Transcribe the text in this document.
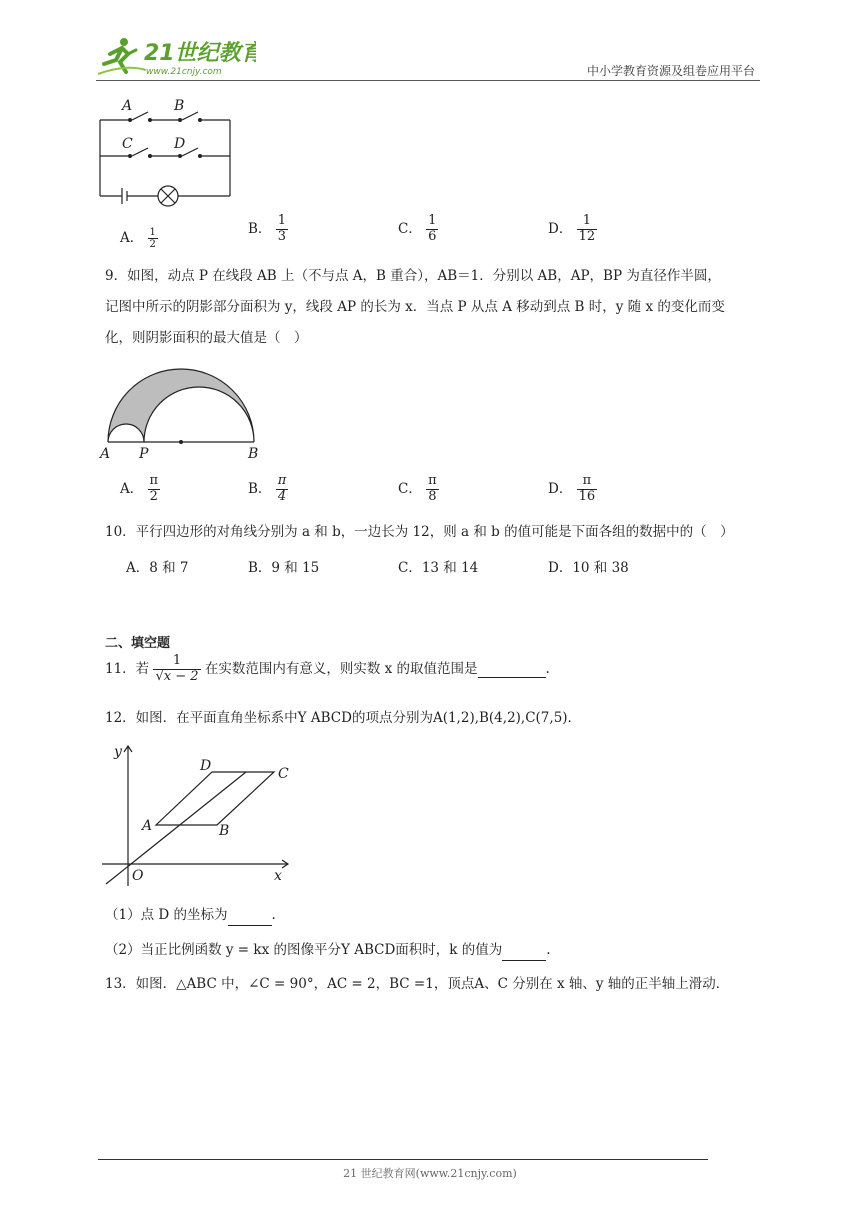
21世纪教育
www.21cnjy.com	中小学教育资源及组卷应用平台
A	B
C	D
A． $\frac{1}{2}$	B． $\frac{1}{3}$	C． $\frac{1}{6}$	D． $\frac{1}{12}$
9．如图，动点 P 在线段 AB 上（不与点 A，B 重合），AB＝1．分别以 AB，AP，BP 为直径作半圆，
记图中所示的阴影部分面积为 y，线段 AP 的长为 x．当点 P 从点 A 移动到点 B 时，y 随 x 的变化而变
化，则阴影面积的最大值是（　）
A P	B
A． $\frac{\pi}{2}$	B． $\frac{\pi}{4}$	C． $\frac{\pi}{8}$	D． $\frac{\pi}{16}$
10．平行四边形的对角线分别为 a 和 b，一边长为 12，则 a 和 b 的值可能是下面各组的数据中的（　）
A．8 和 7	B．9 和 15	C．13 和 14	D．10 和 38
二、填空题
11．若 $\frac{1}{√x - 2}$ 在实数范围内有意义，则实数 x 的取值范围是	.
12．如图．在平面直角坐标系中Y ABCD的项点分别为A(1,2),B(4,2),C(7,5)．
y
x
O
A	B
C
D
（1）点 D 的坐标为	.
（2）当正比例函数 y = kx 的图像平分Y ABCD面积时，k 的值为	.
13．如图．△ABC 中，∠C = 90°，AC = 2，BC =1，顶点A、C 分别在 x 轴、y 轴的正半轴上滑动．
21 世纪教育网(www.21cnjy.com)
